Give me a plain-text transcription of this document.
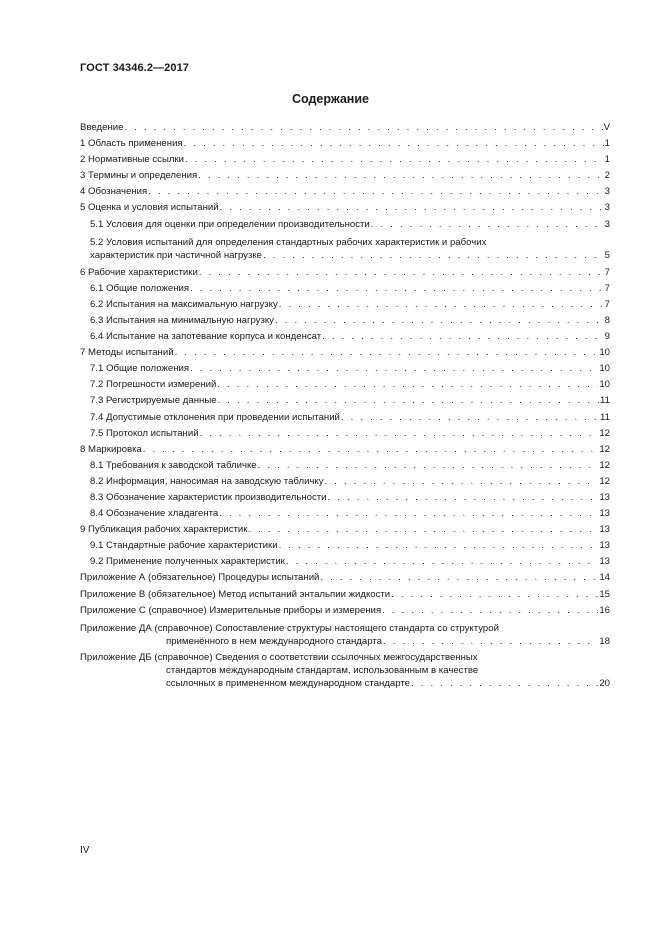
ГОСТ 34346.2—2017
Содержание
Введение . . .	V
1 Область применения . . .	1
2 Нормативные ссылки . . .	1
3 Термины и определения . . .	2
4 Обозначения . . .	3
5 Оценка и условия испытаний . . .	3
5.1 Условия для оценки при определении производительности . . .	3
5.2 Условия испытаний для определения стандартных рабочих характеристик и рабочих
характеристик при частичной нагрузке . . .	5
6 Рабочие характеристики . . .	7
6.1 Общие положения . . .	7
6.2 Испытания на максимальную нагрузку . . .	7
6.3 Испытания на минимальную нагрузку . . .	8
6.4 Испытание на запотевание корпуса и конденсат . . .	9
7 Методы испытаний . . .	10
7.1 Общие положения . . .	10
7.2 Погрешности измерений . . .	10
7.3 Регистрируемые данные . . .	11
7.4 Допустимые отклонения при проведении испытаний . . .	11
7.5 Протокол испытаний . . .	12
8 Маркировка . . .	12
8.1 Требования к заводской табличке . . .	12
8.2 Информация, наносимая на заводскую табличку . . .	12
8.3 Обозначение характеристик производительности . . .	13
8.4 Обозначение хладагента . . .	13
9 Публикация рабочих характеристик . . .	13
9.1 Стандартные рабочие характеристики . . .	13
9.2 Применение полученных характеристик . . .	13
Приложение А (обязательное) Процедуры испытаний . . .	14
Приложение В (обязательное) Метод испытаний энтальпии жидкости . . .	15
Приложение С (справочное) Измерительные приборы и измерения . . .	16
Приложение ДА (справочное) Сопоставление структуры настоящего стандарта со структурой
применённого в нем международного стандарта . . .	18
Приложение ДБ (справочное) Сведения о соответствии ссылочных межгосударственных
стандартов международным стандартам, использованным в качестве
ссылочных в примененном международном стандарте . . .	20
IV
